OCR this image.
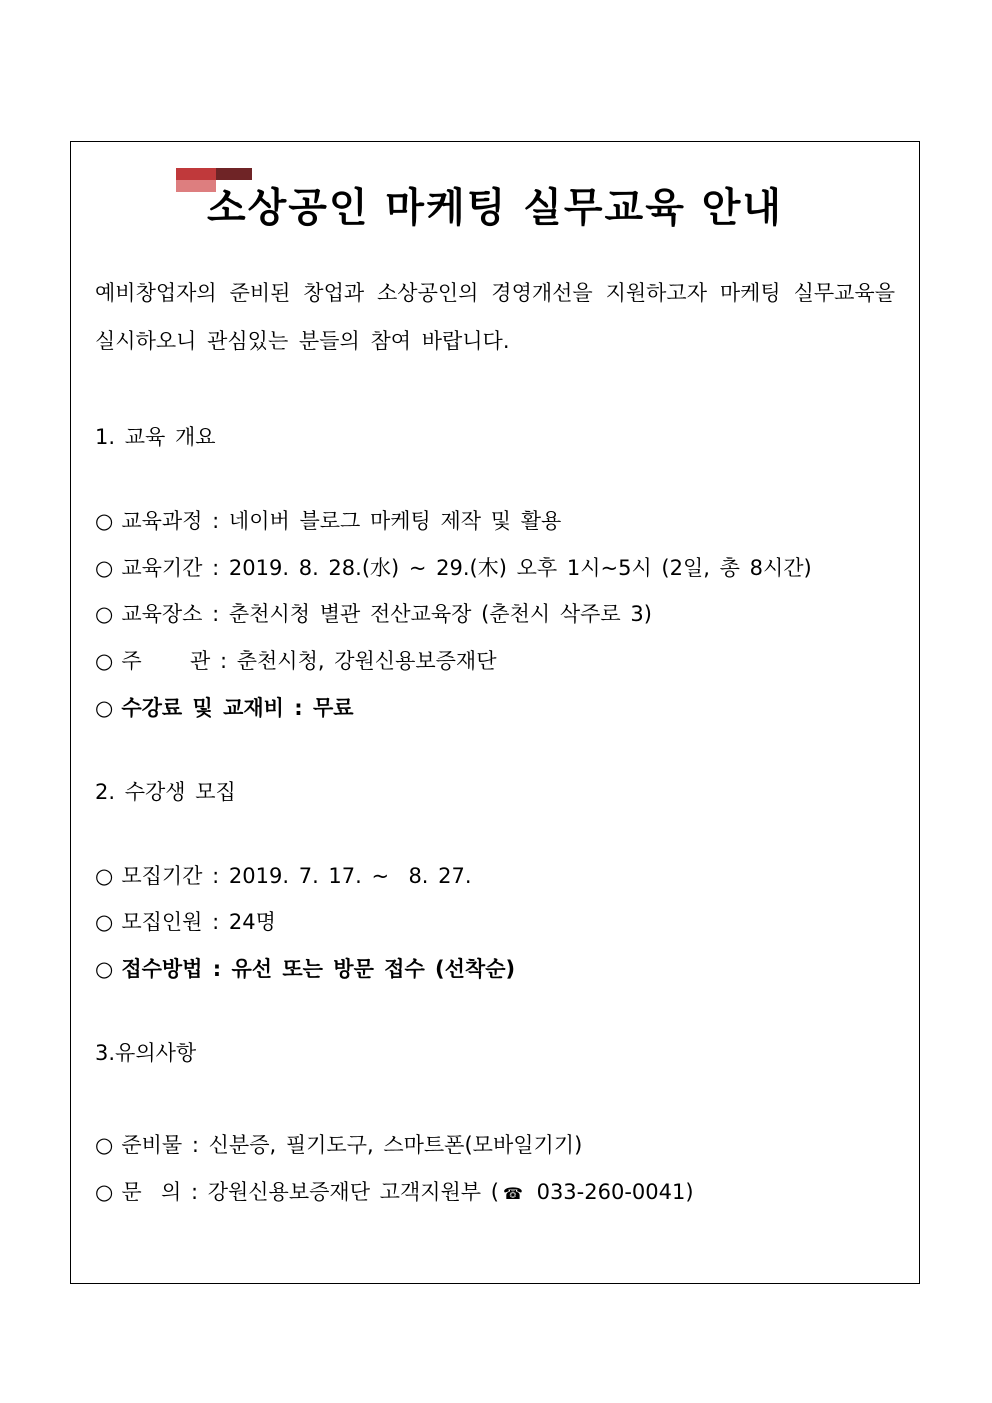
소상공인 마케팅 실무교육 안내

예비창업자의 준비된 창업과 소상공인의 경영개선을 지원하고자 마케팅 실무교육을 실시하오니 관심있는 분들의 참여 바랍니다.

1. 교육 개요

○ 교육과정 : 네이버 블로그 마케팅 제작 및 활용

○ 교육기간 : 2019. 8. 28.(水) ~ 29.(木) 오후 1시~5시 (2일, 총 8시간)

○ 교육장소 : 춘천시청 별관 전산교육장 (춘천시 삭주로 3)

○ 주     관 : 춘천시청, 강원신용보증재단

○ 수강료 및 교재비 : 무료

2. 수강생 모집

○ 모집기간 : 2019. 7. 17. ~  8. 27.

○ 모집인원 : 24명

○ 접수방법 : 유선 또는 방문 접수 (선착순)

3.유의사항

○ 준비물 : 신분증, 필기도구, 스마트폰(모바일기기)

○ 문  의 : 강원신용보증재단 고객지원부 ( ☎ 033-260-0041)
